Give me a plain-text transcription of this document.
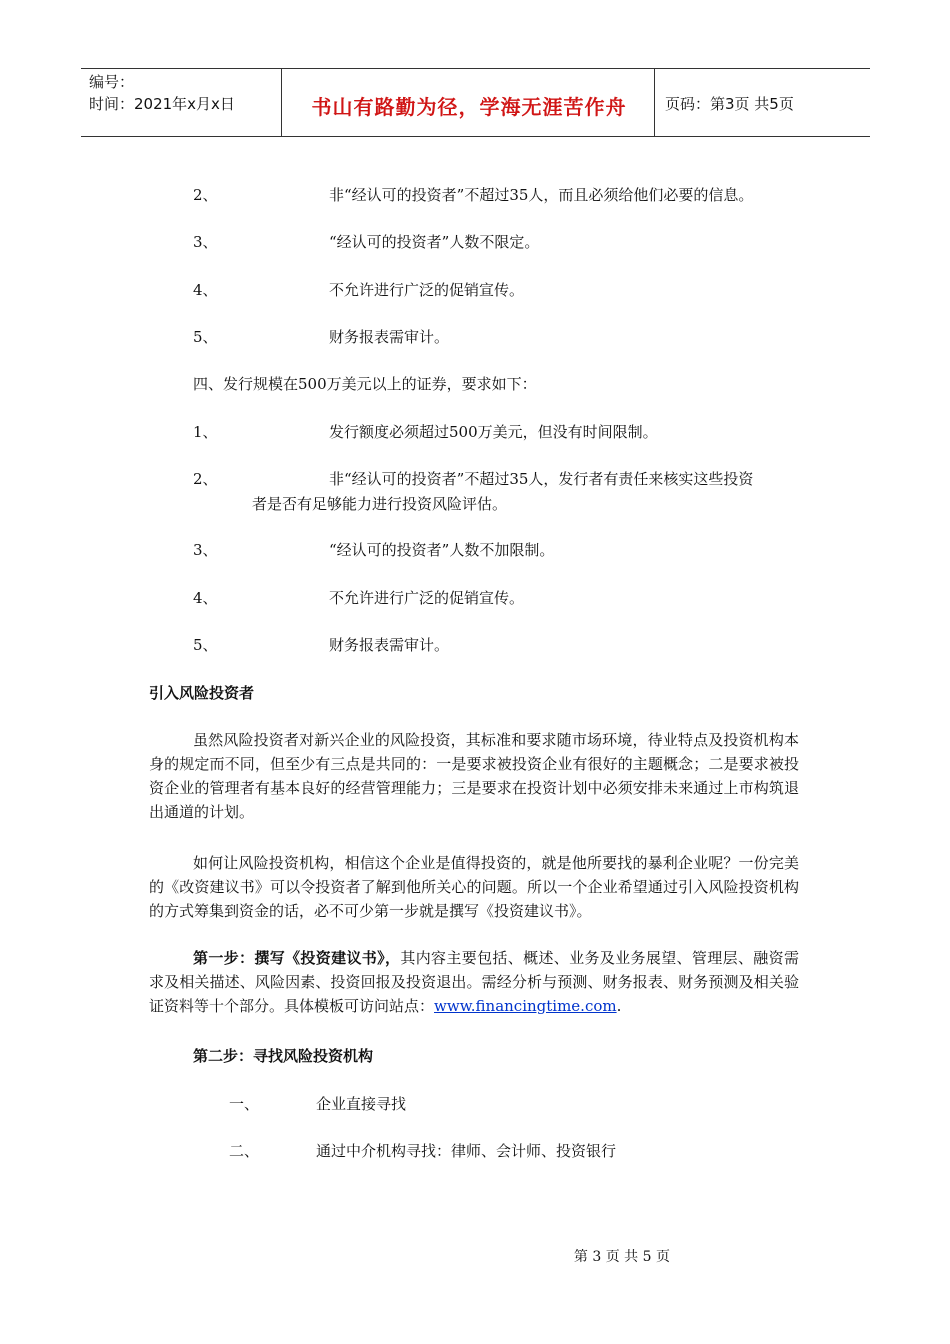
编号：
时间：2021年x月x日	书山有路勤为径，学海无涯苦作舟	页码：第3页 共5页
2、	非“经认可的投资者”不超过35人，而且必须给他们必要的信息。
3、	“经认可的投资者”人数不限定。
4、	不允许进行广泛的促销宣传。
5、	财务报表需审计。
四、发行规模在500万美元以上的证券，要求如下：
1、	发行额度必须超过500万美元，但没有时间限制。
2、	非“经认可的投资者”不超过35人，发行者有责任来核实这些投资
者是否有足够能力进行投资风险评估。
3、	“经认可的投资者”人数不加限制。
4、	不允许进行广泛的促销宣传。
5、	财务报表需审计。
引入风险投资者
虽然风险投资者对新兴企业的风险投资，其标准和要求随市场环境，待业特点及投资机构本身的规定而不同，但至少有三点是共同的：一是要求被投资企业有很好的主题概念；二是要求被投资企业的管理者有基本良好的经营管理能力；三是要求在投资计划中必须安排未来通过上市构筑退出通道的计划。
如何让风险投资机构，相信这个企业是值得投资的，就是他所要找的暴利企业呢？一份完美的《改资建议书》可以令投资者了解到他所关心的问题。所以一个企业希望通过引入风险投资机构的方式筹集到资金的话，必不可少第一步就是撰写《投资建议书》。
第一步：撰写《投资建议书》，其内容主要包括、概述、业务及业务展望、管理层、融资需求及相关描述、风险因素、投资回报及投资退出。需经分析与预测、财务报表、财务预测及相关验证资料等十个部分。具体模板可访问站点：www.financingtime.com.
第二步：寻找风险投资机构
一、	企业直接寻找
二、	通过中介机构寻找：律师、会计师、投资银行
第 3 页 共 5 页
